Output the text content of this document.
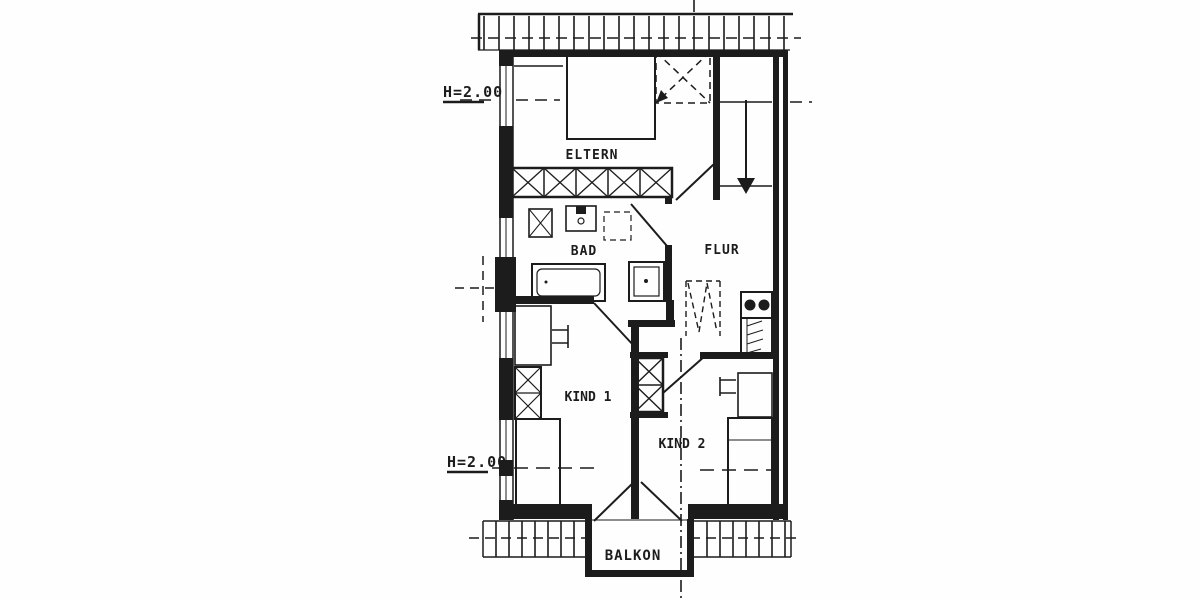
H=2.00
ELTERN
BAD	FLUR
KIND 1
KIND 2
BALKON
H=2.00
